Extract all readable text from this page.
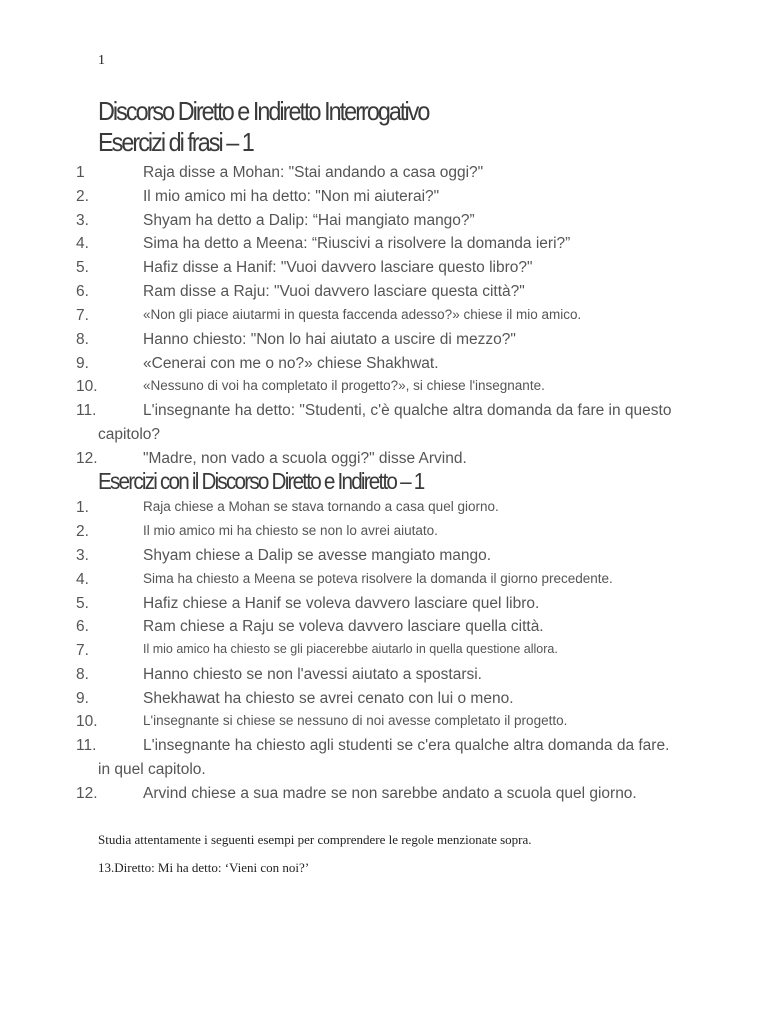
1
Discorso Diretto e Indiretto Interrogativo
Esercizi di frasi – 1
1	Raja disse a Mohan: "Stai andando a casa oggi?"
2.	Il mio amico mi ha detto: "Non mi aiuterai?"
3.	Shyam ha detto a Dalip: “Hai mangiato mango?”
4.	Sima ha detto a Meena: “Riuscivi a risolvere la domanda ieri?”
5.	Hafiz disse a Hanif: "Vuoi davvero lasciare questo libro?"
6.	Ram disse a Raju: "Vuoi davvero lasciare questa città?"
7.	«Non gli piace aiutarmi in questa faccenda adesso?» chiese il mio amico.
8.	Hanno chiesto: "Non lo hai aiutato a uscire di mezzo?"
9.	«Cenerai con me o no?» chiese Shakhwat.
10.	«Nessuno di voi ha completato il progetto?», si chiese l'insegnante.
11.	L'insegnante ha detto: "Studenti, c'è qualche altra domanda da fare in questo
capitolo?
12.	"Madre, non vado a scuola oggi?" disse Arvind.
Esercizi con il Discorso Diretto e Indiretto – 1
1.	Raja chiese a Mohan se stava tornando a casa quel giorno.
2.	Il mio amico mi ha chiesto se non lo avrei aiutato.
3.	Shyam chiese a Dalip se avesse mangiato mango.
4.	Sima ha chiesto a Meena se poteva risolvere la domanda il giorno precedente.
5.	Hafiz chiese a Hanif se voleva davvero lasciare quel libro.
6.	Ram chiese a Raju se voleva davvero lasciare quella città.
7.	Il mio amico ha chiesto se gli piacerebbe aiutarlo in quella questione allora.
8.	Hanno chiesto se non l'avessi aiutato a spostarsi.
9.	Shekhawat ha chiesto se avrei cenato con lui o meno.
10.	L'insegnante si chiese se nessuno di noi avesse completato il progetto.
11.	L'insegnante ha chiesto agli studenti se c'era qualche altra domanda da fare.
in quel capitolo.
12.	Arvind chiese a sua madre se non sarebbe andato a scuola quel giorno.
Studia attentamente i seguenti esempi per comprendere le regole menzionate sopra.
13.Diretto: Mi ha detto: ‘Vieni con noi?’
